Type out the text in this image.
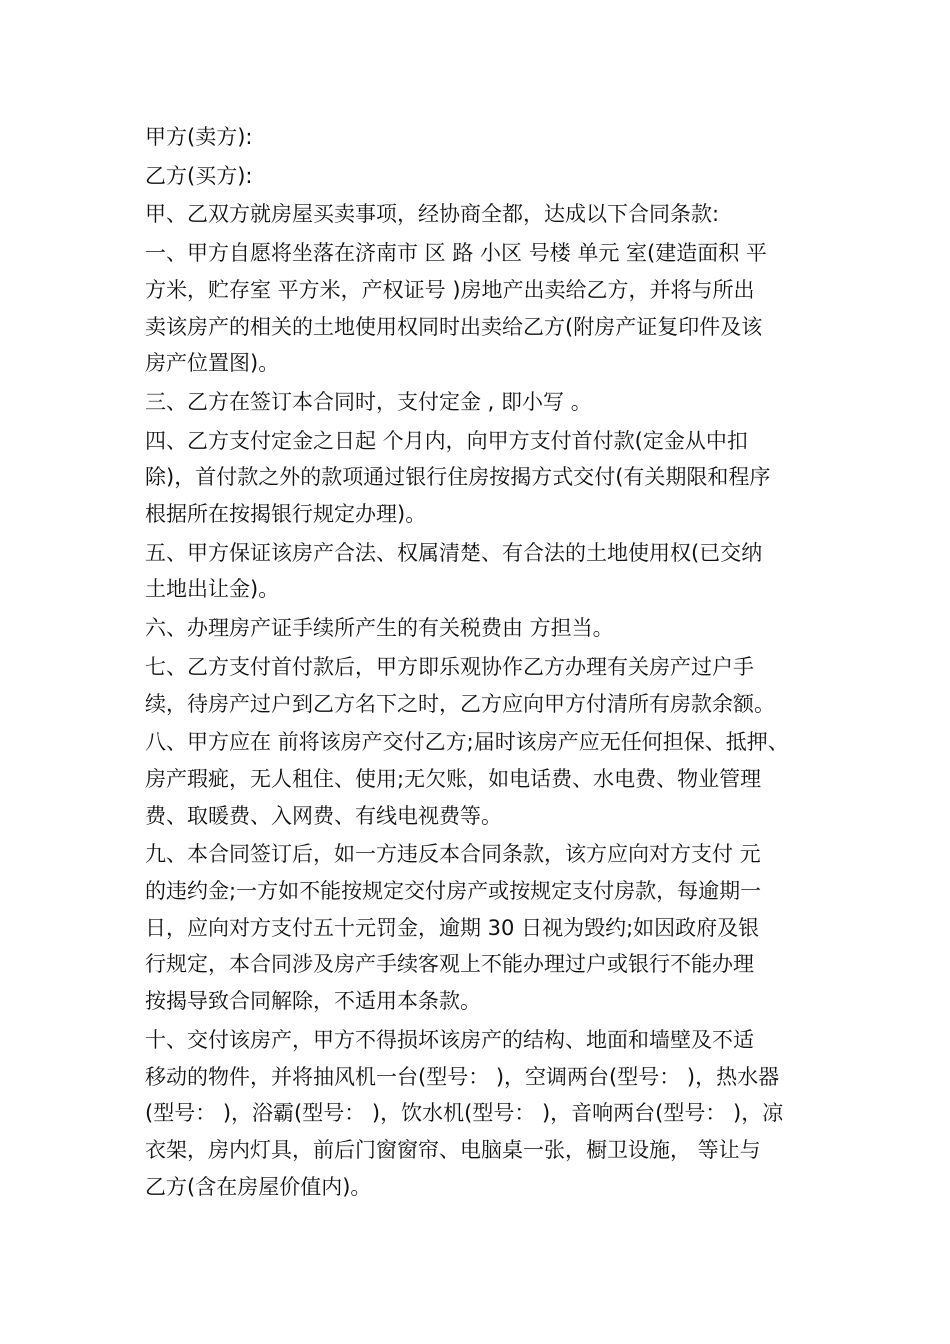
甲方(卖方):

乙方(买方):

甲、乙双方就房屋买卖事项，经协商全都，达成以下合同条款:

一、甲方自愿将坐落在济南市 区 路 小区 号楼 单元 室(建造面积 平
方米，贮存室 平方米，产权证号 )房地产出卖给乙方，并将与所出
卖该房产的相关的土地使用权同时出卖给乙方(附房产证复印件及该
房产位置图)。

三、乙方在签订本合同时，支付定金 , 即小写 。

四、乙方支付定金之日起 个月内，向甲方支付首付款(定金从中扣
除)，首付款之外的款项通过银行住房按揭方式交付(有关期限和程序
根据所在按揭银行规定办理)。

五、甲方保证该房产合法、权属清楚、有合法的土地使用权(已交纳
土地出让金)。

六、办理房产证手续所产生的有关税费由 方担当。

七、乙方支付首付款后，甲方即乐观协作乙方办理有关房产过户手
续，待房产过户到乙方名下之时，乙方应向甲方付清所有房款余额。

八、甲方应在 前将该房产交付乙方;届时该房产应无任何担保、抵押、
房产瑕疵，无人租住、使用;无欠账，如电话费、水电费、物业管理
费、取暖费、入网费、有线电视费等。

九、本合同签订后，如一方违反本合同条款，该方应向对方支付 元
的违约金;一方如不能按规定交付房产或按规定支付房款，每逾期一
日，应向对方支付五十元罚金，逾期 30 日视为毁约;如因政府及银
行规定，本合同涉及房产手续客观上不能办理过户或银行不能办理
按揭导致合同解除，不适用本条款。

十、交付该房产，甲方不得损坏该房产的结构、地面和墙壁及不适
移动的物件，并将抽风机一台(型号： )，空调两台(型号： )，热水器
(型号： )，浴霸(型号： )，饮水机(型号： )，音响两台(型号： )，凉
衣架，房内灯具，前后门窗窗帘、电脑桌一张，橱卫设施， 等让与
乙方(含在房屋价值内)。
